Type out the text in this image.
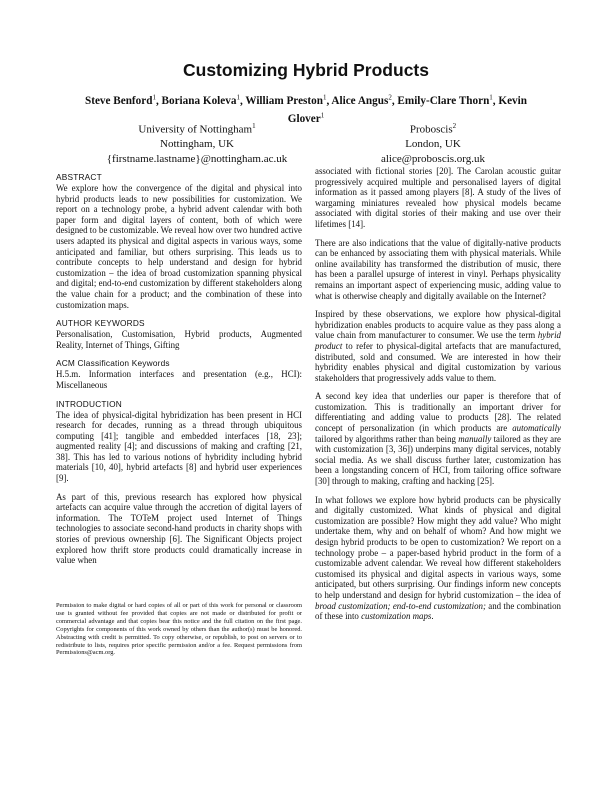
Customizing Hybrid Products
Steve Benford$^1$, Boriana Koleva$^1$, William Preston$^1$, Alice Angus$^2$, Emily-Clare Thorn$^1$, Kevin Glover$^1$
University of Nottingham$^1$
Nottingham, UK
{firstname.lastname}@nottingham.ac.uk
Proboscis$^2$
London, UK
alice@proboscis.org.uk
ABSTRACT

We explore how the convergence of the digital and physical into hybrid products leads to new possibilities for customization. We report on a technology probe, a hybrid advent calendar with both paper form and digital layers of content, both of which were designed to be customizable. We reveal how over two hundred active users adapted its physical and digital aspects in various ways, some anticipated and familiar, but others surprising. This leads us to contribute concepts to help understand and design for hybrid customization – the idea of broad customization spanning physical and digital; end-to-end customization by different stakeholders along the value chain for a product; and the combination of these into customization maps.

AUTHOR KEYWORDS

Personalisation, Customisation, Hybrid products, Augmented Reality, Internet of Things, Gifting

ACM Classification Keywords

H.5.m. Information interfaces and presentation (e.g., HCI): Miscellaneous

INTRODUCTION

The idea of physical-digital hybridization has been present in HCI research for decades, running as a thread through ubiquitous computing [41]; tangible and embedded interfaces [18, 23]; augmented reality [4]; and discussions of making and crafting [21, 38]. This has led to various notions of hybridity including hybrid materials [10, 40], hybrid artefacts [8] and hybrid user experiences [9].

As part of this, previous research has explored how physical artefacts can acquire value through the accretion of digital layers of information. The TOTeM project used Internet of Things technologies to associate second-hand products in charity shops with stories of previous ownership [6]. The Significant Objects project explored how thrift store products could dramatically increase in value when

Permission to make digital or hard copies of all or part of this work for personal or classroom use is granted without fee provided that copies are not made or distributed for profit or commercial advantage and that copies bear this notice and the full citation on the first page. Copyrights for components of this work owned by others than the author(s) must be honored. Abstracting with credit is permitted. To copy otherwise, or republish, to post on servers or to redistribute to lists, requires prior specific permission and/or a fee. Request permissions from Permissions@acm.org.

associated with fictional stories [20]. The Carolan acoustic guitar progressively acquired multiple and personalised layers of digital information as it passed among players [8]. A study of the lives of wargaming miniatures revealed how physical models became associated with digital stories of their making and use over their lifetimes [14].

There are also indications that the value of digitally-native products can be enhanced by associating them with physical materials. While online availability has transformed the distribution of music, there has been a parallel upsurge of interest in vinyl. Perhaps physicality remains an important aspect of experiencing music, adding value to what is otherwise cheaply and digitally available on the Internet?

Inspired by these observations, we explore how physical-digital hybridization enables products to acquire value as they pass along a value chain from manufacturer to consumer. We use the term hybrid product to refer to physical-digital artefacts that are manufactured, distributed, sold and consumed. We are interested in how their hybridity enables physical and digital customization by various stakeholders that progressively adds value to them.

A second key idea that underlies our paper is therefore that of customization. This is traditionally an important driver for differentiating and adding value to products [28]. The related concept of personalization (in which products are automatically tailored by algorithms rather than being manually tailored as they are with customization [3, 36]) underpins many digital services, notably social media. As we shall discuss further later, customization has been a longstanding concern of HCI, from tailoring office software [30] through to making, crafting and hacking [25].

In what follows we explore how hybrid products can be physically and digitally customized. What kinds of physical and digital customization are possible? How might they add value? Who might undertake them, why and on behalf of whom? And how might we design hybrid products to be open to customization? We report on a technology probe – a paper-based hybrid product in the form of a customizable advent calendar. We reveal how different stakeholders customised its physical and digital aspects in various ways, some anticipated, but others surprising. Our findings inform new concepts to help understand and design for hybrid customization – the idea of broad customization; end-to-end customization; and the combination of these into customization maps.
